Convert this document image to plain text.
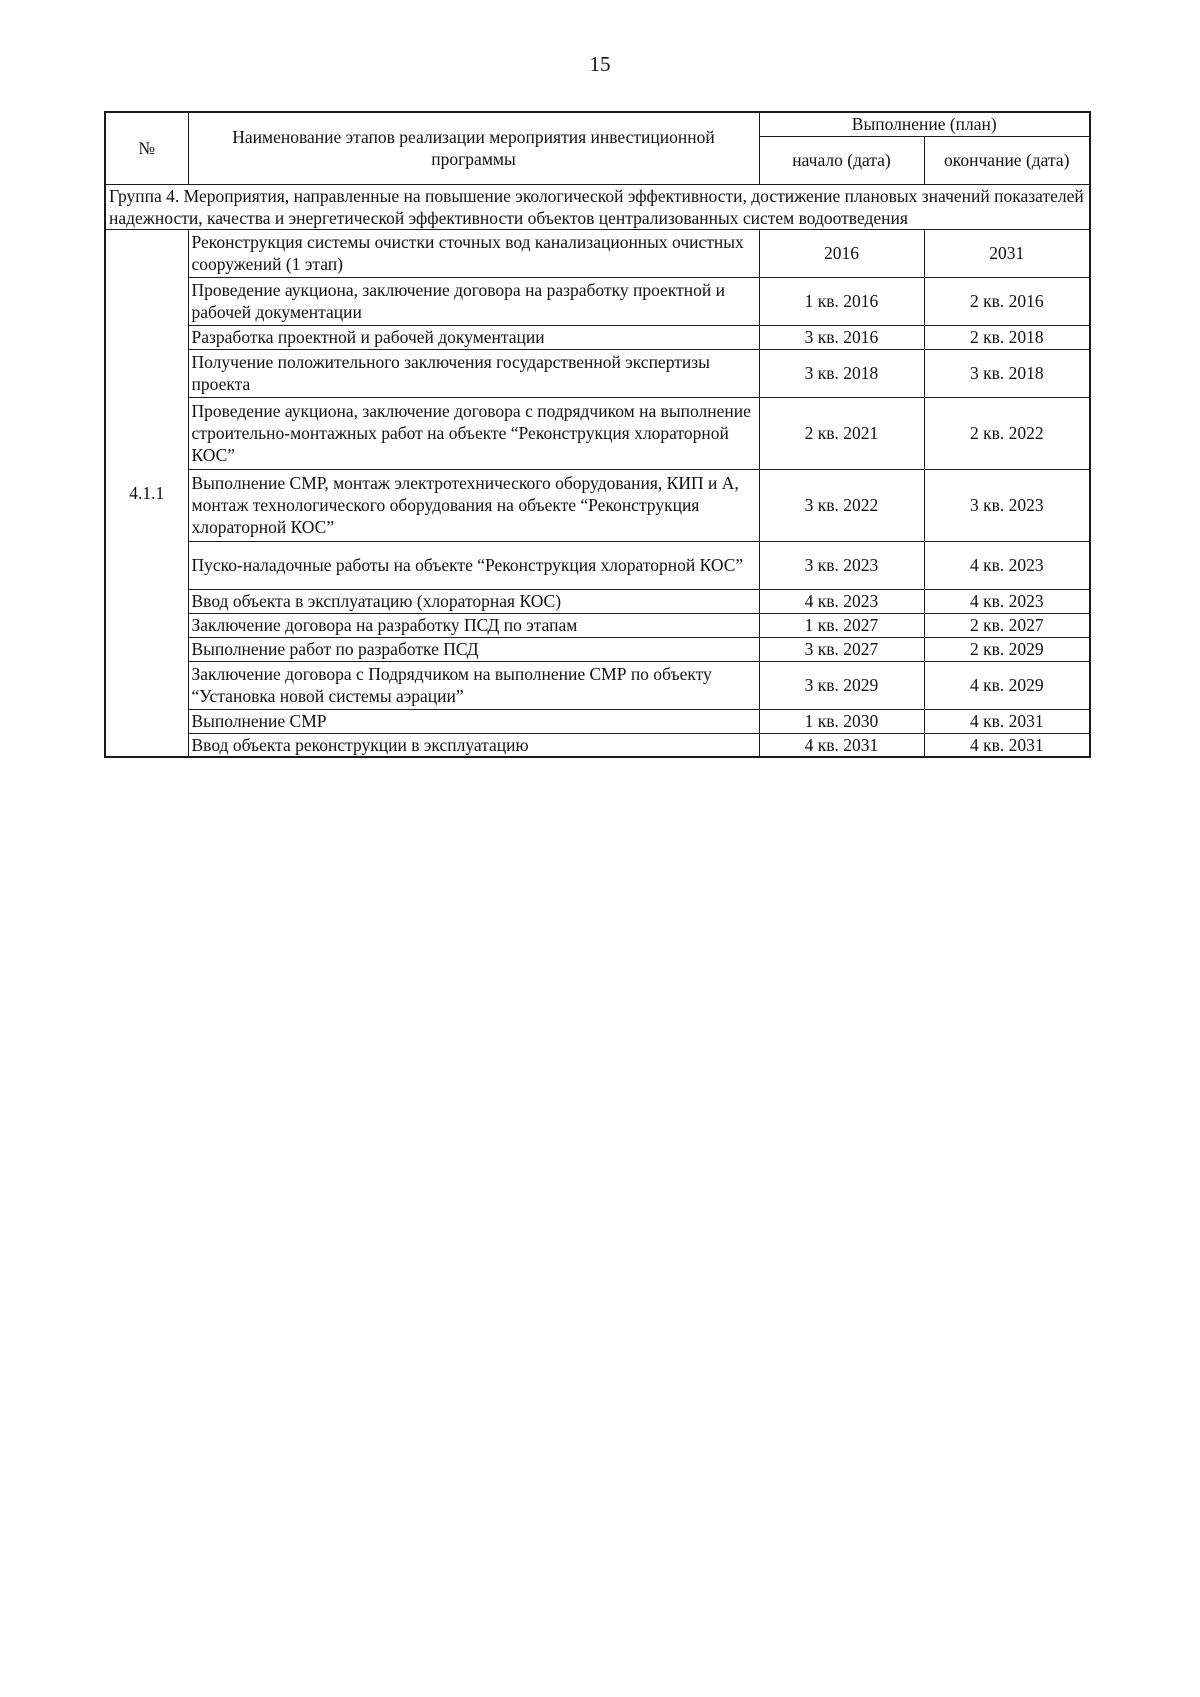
15
№	Наименование этапов реализации мероприятия инвестиционной программы	Выполнение (план)	
		начало (дата)	окончание (дата)
Группа 4. Мероприятия, направленные на повышение экологической эффективности, достижение плановых значений показателей надежности, качества и энергетической эффективности объектов централизованных систем водоотведения			
4.1.1	Реконструкция системы очистки сточных вод канализационных очистных сооружений (1 этап)	2016	2031
	Проведение аукциона, заключение договора на разработку проектной и рабочей документации	1 кв. 2016	2 кв. 2016
	Разработка проектной и рабочей документации	3 кв. 2016	2 кв. 2018
	Получение положительного заключения государственной экспертизы проекта	3 кв. 2018	3 кв. 2018
	Проведение аукциона, заключение договора с подрядчиком на выполнение строительно-монтажных работ на объекте “Реконструкция хлораторной КОС”	2 кв. 2021	2 кв. 2022
	Выполнение СМР, монтаж электротехнического оборудования, КИП и А, монтаж технологического оборудования на объекте “Реконструкция хлораторной КОС”	3 кв. 2022	3 кв. 2023
	Пуско-наладочные работы на объекте “Реконструкция хлораторной КОС”	3 кв. 2023	4 кв. 2023
	Ввод объекта в эксплуатацию (хлораторная КОС)	4 кв. 2023	4 кв. 2023
	Заключение договора на разработку ПСД по этапам	1 кв. 2027	2 кв. 2027
	Выполнение работ по разработке ПСД	3 кв. 2027	2 кв. 2029
	Заключение договора с Подрядчиком на выполнение СМР по объекту “Установка новой системы аэрации”	3 кв. 2029	4 кв. 2029
	Выполнение СМР	1 кв. 2030	4 кв. 2031
	Ввод объекта реконструкции в эксплуатацию	4 кв. 2031	4 кв. 2031
